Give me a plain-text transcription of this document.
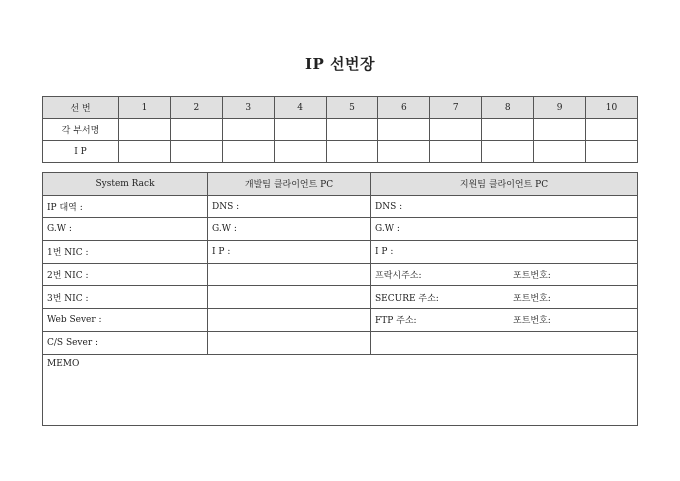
IP 선번장
선 번	1	2	3	4	5	6	7	8	9	10
각 부서명										
I P										
System Rack	개발팀 클라이언트 PC	지원팀 클라이언트 PC
IP 대역 :	DNS :	DNS :
G.W :	G.W :	G.W :
1번 NIC :	I P :	I P :
2번 NIC :		프락시주소: 포트번호:

3번 NIC :		SECURE 주소: 포트번호:

Web Sever :		FTP 주소: 포트번호:

C/S Sever :		
MEMO		
